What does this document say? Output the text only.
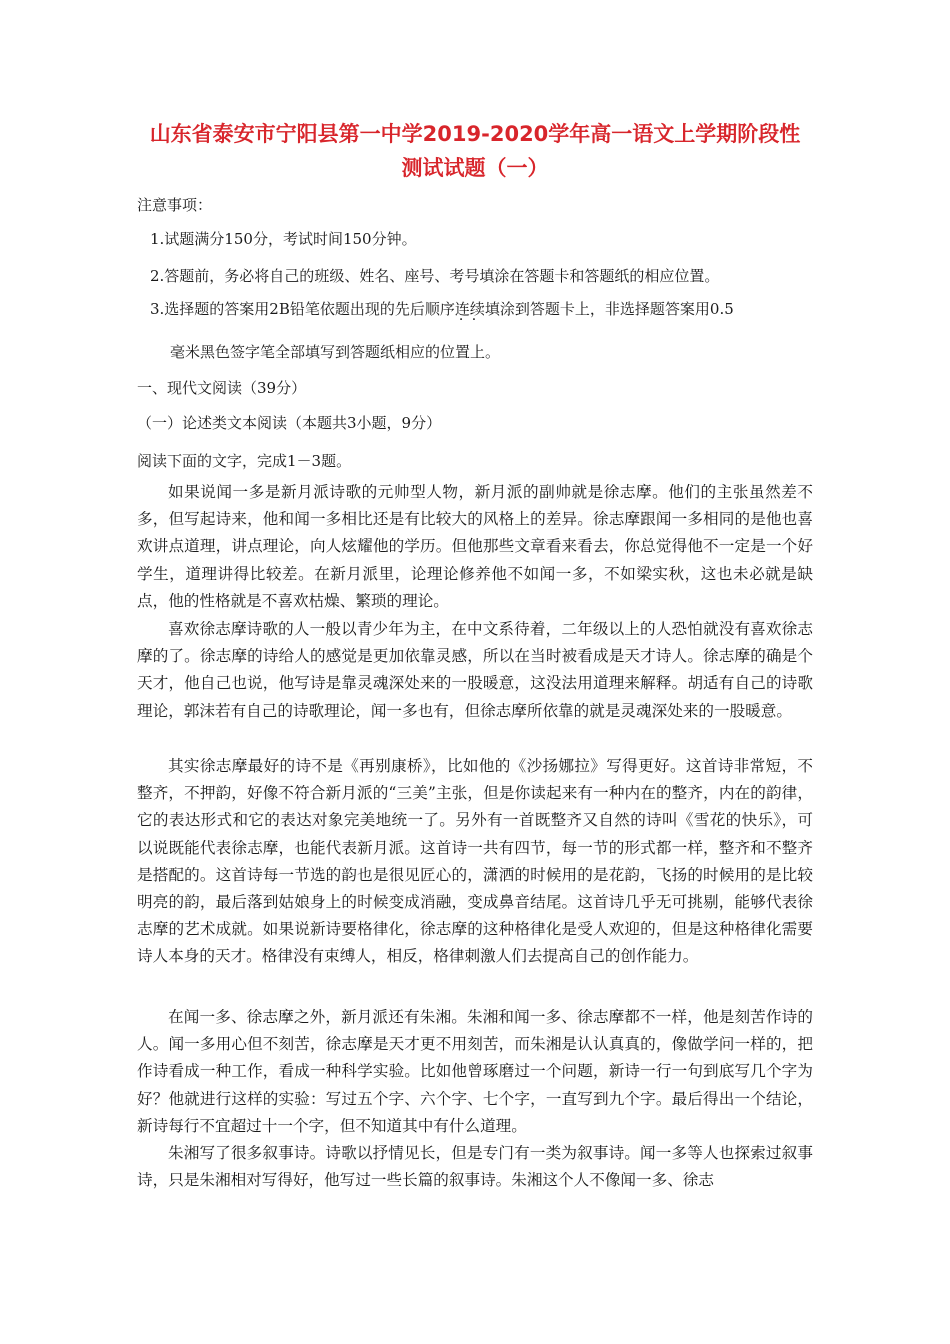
山东省泰安市宁阳县第一中学2019-2020学年高一语文上学期阶段性
测试试题（一）
注意事项：
1.试题满分150分，考试时间150分钟。
2.答题前，务必将自己的班级、姓名、座号、考号填涂在答题卡和答题纸的相应位置。
3.选择题的答案用2B铅笔依题出现的先后顺序连续 · ·填涂到答题卡上，非选择题答案用0.5
毫米黑色签字笔全部填写到答题纸相应的位置上。
一、现代文阅读（39分）
（一）论述类文本阅读（本题共3小题，9分）
阅读下面的文字，完成1－3题。

如果说闻一多是新月派诗歌的元帅型人物，新月派的副帅就是徐志摩。他们的主张虽然差不多，但写起诗来，他和闻一多相比还是有比较大的风格上的差异。徐志摩跟闻一多相同的是他也喜欢讲点道理，讲点理论，向人炫耀他的学历。但他那些文章看来看去，你总觉得他不一定是一个好学生，道理讲得比较差。在新月派里，论理论修养他不如闻一多，不如梁实秋，这也未必就是缺点，他的性格就是不喜欢枯燥、繁琐的理论。

喜欢徐志摩诗歌的人一般以青少年为主，在中文系待着，二年级以上的人恐怕就没有喜欢徐志摩的了。徐志摩的诗给人的感觉是更加依靠灵感，所以在当时被看成是天才诗人。徐志摩的确是个天才，他自己也说，他写诗是靠灵魂深处来的一股暖意，这没法用道理来解释。胡适有自己的诗歌理论，郭沫若有自己的诗歌理论，闻一多也有，但徐志摩所依靠的就是灵魂深处来的一股暖意。

其实徐志摩最好的诗不是《再别康桥》，比如他的《沙扬娜拉》写得更好。这首诗非常短，不整齐，不押韵，好像不符合新月派的“三美”主张，但是你读起来有一种内在的整齐，内在的韵律，它的表达形式和它的表达对象完美地统一了。另外有一首既整齐又自然的诗叫《雪花的快乐》，可以说既能代表徐志摩，也能代表新月派。这首诗一共有四节，每一节的形式都一样，整齐和不整齐是搭配的。这首诗每一节选的韵也是很见匠心的，潇洒的时候用的是花韵，飞扬的时候用的是比较明亮的韵，最后落到姑娘身上的时候变成消融，变成鼻音结尾。这首诗几乎无可挑剔，能够代表徐志摩的艺术成就。如果说新诗要格律化，徐志摩的这种格律化是受人欢迎的，但是这种格律化需要诗人本身的天才。格律没有束缚人，相反，格律刺激人们去提高自己的创作能力。

在闻一多、徐志摩之外，新月派还有朱湘。朱湘和闻一多、徐志摩都不一样，他是刻苦作诗的人。闻一多用心但不刻苦，徐志摩是天才更不用刻苦，而朱湘是认认真真的，像做学问一样的，把作诗看成一种工作，看成一种科学实验。比如他曾琢磨过一个问题，新诗一行一句到底写几个字为好？他就进行这样的实验：写过五个字、六个字、七个字，一直写到九个字。最后得出一个结论，新诗每行不宜超过十一个字，但不知道其中有什么道理。

朱湘写了很多叙事诗。诗歌以抒情见长，但是专门有一类为叙事诗。闻一多等人也探索过叙事诗，只是朱湘相对写得好，他写过一些长篇的叙事诗。朱湘这个人不像闻一多、徐志
